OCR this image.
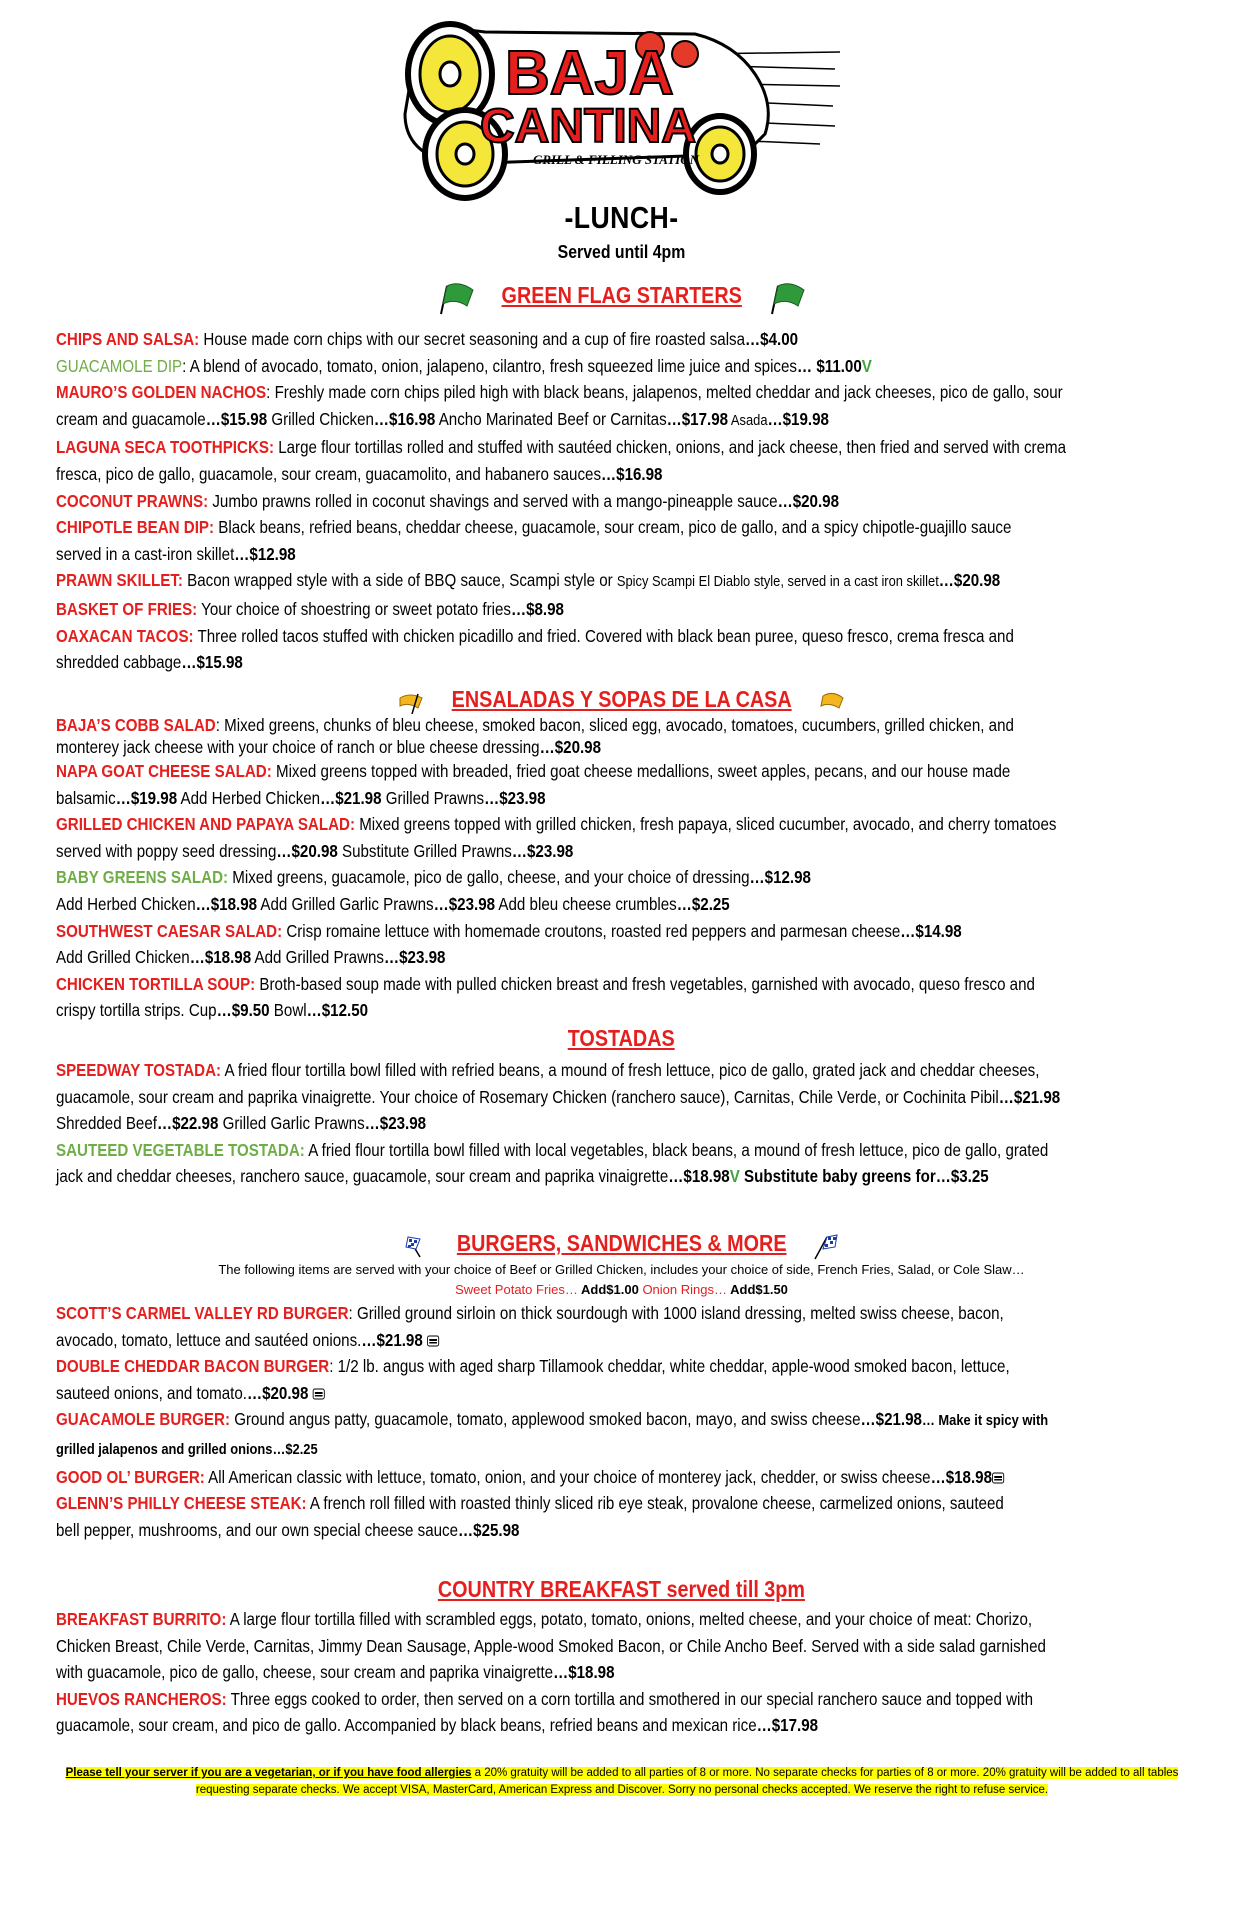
BAJA
CANTINA
GRILL & FILLING STATION
-LUNCH-
Served until 4pm
GREEN FLAG STARTERS
CHIPS AND SALSA: House made corn chips with our secret seasoning and a cup of fire roasted salsa…$4.00
GUACAMOLE DIP: A blend of avocado, tomato, onion, jalapeno, cilantro, fresh squeezed lime juice and spices… $11.00V
MAURO’S GOLDEN NACHOS: Freshly made corn chips piled high with black beans, jalapenos, melted cheddar and jack cheeses, pico de gallo, sour
cream and guacamole…$15.98 Grilled Chicken…$16.98 Ancho Marinated Beef or Carnitas…$17.98 Asada…$19.98
LAGUNA SECA TOOTHPICKS: Large flour tortillas rolled and stuffed with sautéed chicken, onions, and jack cheese, then fried and served with crema
fresca, pico de gallo, guacamole, sour cream, guacamolito, and habanero sauces…$16.98
COCONUT PRAWNS: Jumbo prawns rolled in coconut shavings and served with a mango-pineapple sauce…$20.98
CHIPOTLE BEAN DIP: Black beans, refried beans, cheddar cheese, guacamole, sour cream, pico de gallo, and a spicy chipotle-guajillo sauce
served in a cast-iron skillet…$12.98
PRAWN SKILLET: Bacon wrapped style with a side of BBQ sauce, Scampi style or Spicy Scampi El Diablo style, served in a cast iron skillet…$20.98
BASKET OF FRIES: Your choice of shoestring or sweet potato fries…$8.98
OAXACAN TACOS: Three rolled tacos stuffed with chicken picadillo and fried. Covered with black bean puree, queso fresco, crema fresca and
shredded cabbage…$15.98
ENSALADAS Y SOPAS DE LA CASA
BAJA’S COBB SALAD: Mixed greens, chunks of bleu cheese, smoked bacon, sliced egg, avocado, tomatoes, cucumbers, grilled chicken, and
monterey jack cheese with your choice of ranch or blue cheese dressing…$20.98
NAPA GOAT CHEESE SALAD: Mixed greens topped with breaded, fried goat cheese medallions, sweet apples, pecans, and our house made
balsamic…$19.98 Add Herbed Chicken…$21.98 Grilled Prawns…$23.98
GRILLED CHICKEN AND PAPAYA SALAD: Mixed greens topped with grilled chicken, fresh papaya, sliced cucumber, avocado, and cherry tomatoes
served with poppy seed dressing…$20.98 Substitute Grilled Prawns…$23.98
BABY GREENS SALAD: Mixed greens, guacamole, pico de gallo, cheese, and your choice of dressing…$12.98
Add Herbed Chicken…$18.98 Add Grilled Garlic Prawns…$23.98 Add bleu cheese crumbles…$2.25
SOUTHWEST CAESAR SALAD: Crisp romaine lettuce with homemade croutons, roasted red peppers and parmesan cheese…$14.98
Add Grilled Chicken…$18.98 Add Grilled Prawns…$23.98
CHICKEN TORTILLA SOUP: Broth-based soup made with pulled chicken breast and fresh vegetables, garnished with avocado, queso fresco and
crispy tortilla strips. Cup…$9.50 Bowl…$12.50
TOSTADAS
SPEEDWAY TOSTADA: A fried flour tortilla bowl filled with refried beans, a mound of fresh lettuce, pico de gallo, grated jack and cheddar cheeses,
guacamole, sour cream and paprika vinaigrette. Your choice of Rosemary Chicken (ranchero sauce), Carnitas, Chile Verde, or Cochinita Pibil…$21.98
Shredded Beef…$22.98 Grilled Garlic Prawns…$23.98
SAUTEED VEGETABLE TOSTADA: A fried flour tortilla bowl filled with local vegetables, black beans, a mound of fresh lettuce, pico de gallo, grated
jack and cheddar cheeses, ranchero sauce, guacamole, sour cream and paprika vinaigrette…$18.98V Substitute baby greens for…$3.25
BURGERS, SANDWICHES & MORE
The following items are served with your choice of Beef or Grilled Chicken, includes your choice of side, French Fries, Salad, or Cole Slaw…
Sweet Potato Fries… Add$1.00 Onion Rings… Add$1.50
SCOTT’S CARMEL VALLEY RD BURGER: Grilled ground sirloin on thick sourdough with 1000 island dressing, melted swiss cheese, bacon,
avocado, tomato, lettuce and sautéed onions.…$21.98
DOUBLE CHEDDAR BACON BURGER: 1/2 lb. angus with aged sharp Tillamook cheddar, white cheddar, apple-wood smoked bacon, lettuce,
sauteed onions, and tomato.…$20.98
GUACAMOLE BURGER: Ground angus patty, guacamole, tomato, applewood smoked bacon, mayo, and swiss cheese…$21.98… Make it spicy with
grilled jalapenos and grilled onions…$2.25
GOOD OL’ BURGER: All American classic with lettuce, tomato, onion, and your choice of monterey jack, chedder, or swiss cheese…$18.98
GLENN’S PHILLY CHEESE STEAK: A french roll filled with roasted thinly sliced rib eye steak, provalone cheese, carmelized onions, sauteed
bell pepper, mushrooms, and our own special cheese sauce…$25.98
COUNTRY BREAKFAST served till 3pm
BREAKFAST BURRITO: A large flour tortilla filled with scrambled eggs, potato, tomato, onions, melted cheese, and your choice of meat: Chorizo,
Chicken Breast, Chile Verde, Carnitas, Jimmy Dean Sausage, Apple-wood Smoked Bacon, or Chile Ancho Beef. Served with a side salad garnished
with guacamole, pico de gallo, cheese, sour cream and paprika vinaigrette…$18.98
HUEVOS RANCHEROS: Three eggs cooked to order, then served on a corn tortilla and smothered in our special ranchero sauce and topped with
guacamole, sour cream, and pico de gallo. Accompanied by black beans, refried beans and mexican rice…$17.98
Please tell your server if you are a vegetarian, or if you have food allergies a 20% gratuity will be added to all parties of 8 or more. No separate checks for parties of 8 or more. 20% gratuity will be added to all tables requesting separate checks. We accept VISA, MasterCard, American Express and Discover. Sorry no personal checks accepted. We reserve the right to refuse service.
